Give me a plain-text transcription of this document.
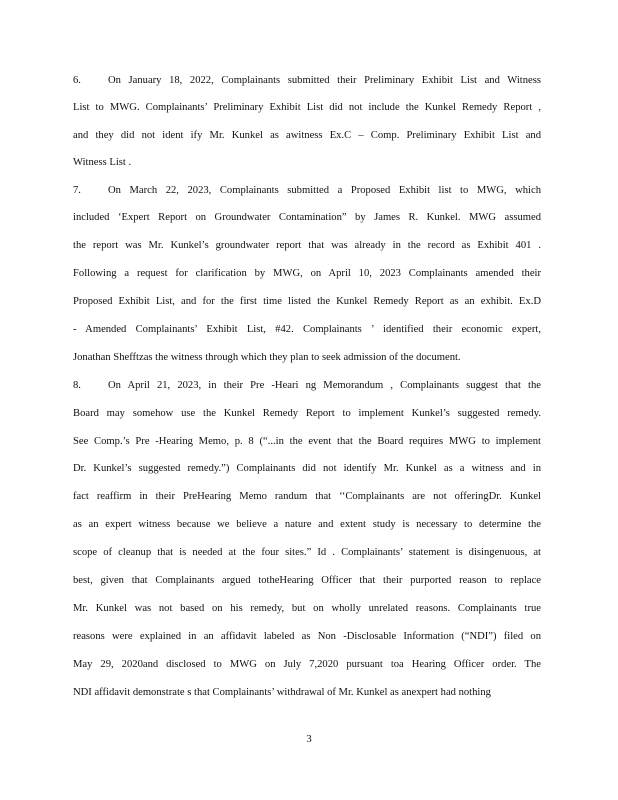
6.	On January 18, 2022, Complainants submitted their Preliminary Exhibit List and Witness
List to MWG. Complainants’ Preliminary Exhibit List did not include the Kunkel Remedy Report ,
and they did not ident ify Mr. Kunkel as awitness Ex.C – Comp. Preliminary Exhibit List and
Witness List .
7.	On March 22, 2023, Complainants submitted a Proposed Exhibit list to MWG, which
included ‘Expert Report on Groundwater Contamination” by James R. Kunkel. MWG assumed
the report was Mr. Kunkel’s groundwater report that was already in the record as Exhibit 401 .
Following a request for clarification by MWG, on April 10, 2023 Complainants amended their
Proposed Exhibit List, and for the first time listed the Kunkel Remedy Report as an exhibit. Ex.D
- Amended Complainants’ Exhibit List, #42. Complainants ’ identified their economic expert,
Jonathan Shefftzas the witness through which they plan to seek admission of the document.
8.	On April 21, 2023, in their Pre -Heari ng Memorandum , Complainants suggest that the
Board may somehow use the Kunkel Remedy Report to implement Kunkel’s suggested remedy.
See Comp.’s Pre -Hearing Memo, p. 8 (“...in the event that the Board requires MWG to implement
Dr. Kunkel’s suggested remedy.”) Complainants did not identify Mr. Kunkel as a witness and in
fact reaffirm in their PreHearing Memo randum that ‘‘Complainants are not offeringDr. Kunkel
as an expert witness because we believe a nature and extent study is necessary to determine the
scope of cleanup that is needed at the four sites.” Id . Complainants’ statement is disingenuous, at
best, given that Complainants argued totheHearing Officer that their purported reason to replace
Mr. Kunkel was not based on his remedy, but on wholly unrelated reasons. Complainants true
reasons were explained in an affidavit labeled as Non -Disclosable Information (“NDI”) filed on
May 29, 2020and disclosed to MWG on July 7,2020 pursuant toa Hearing Officer order. The
NDI affidavit demonstrate s that Complainants’ withdrawal of Mr. Kunkel as anexpert had nothing
3
